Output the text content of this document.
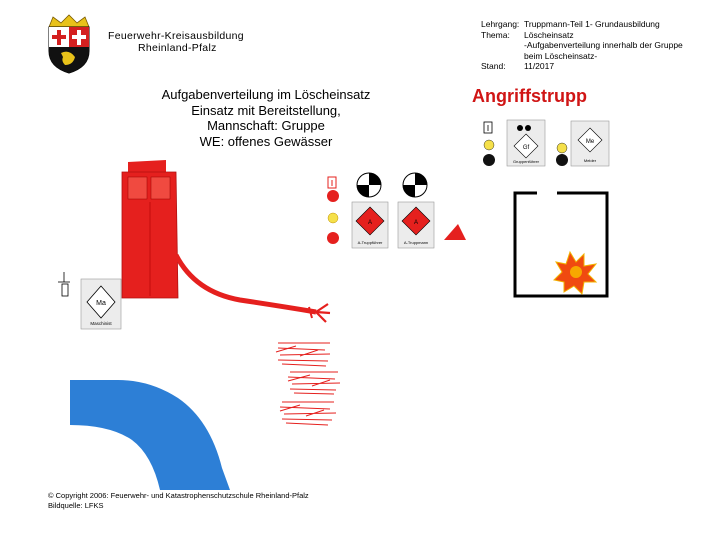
Feuerwehr-Kreisausbildung
Rheinland-Pfalz
Lehrgang: Truppmann-Teil 1- Grundausbildung
Thema:	Löscheinsatz
-Aufgabenverteilung innerhalb der Gruppe
beim Löscheinsatz-
Stand:	11/2017
Aufgabenverteilung im Löscheinsatz
Einsatz mit Bereitstellung,
Mannschaft: Gruppe
WE: offenes Gewässer
Angriffstrupp
Ma
Maschinist
A
A-Truppführer
A
A-Truppmann
Gf
Gruppenführer
Me
Melder
© Copyright 2006: Feuerwehr- und Katastrophenschutzschule Rheinland-Pfalz
Bildquelle: LFKS
